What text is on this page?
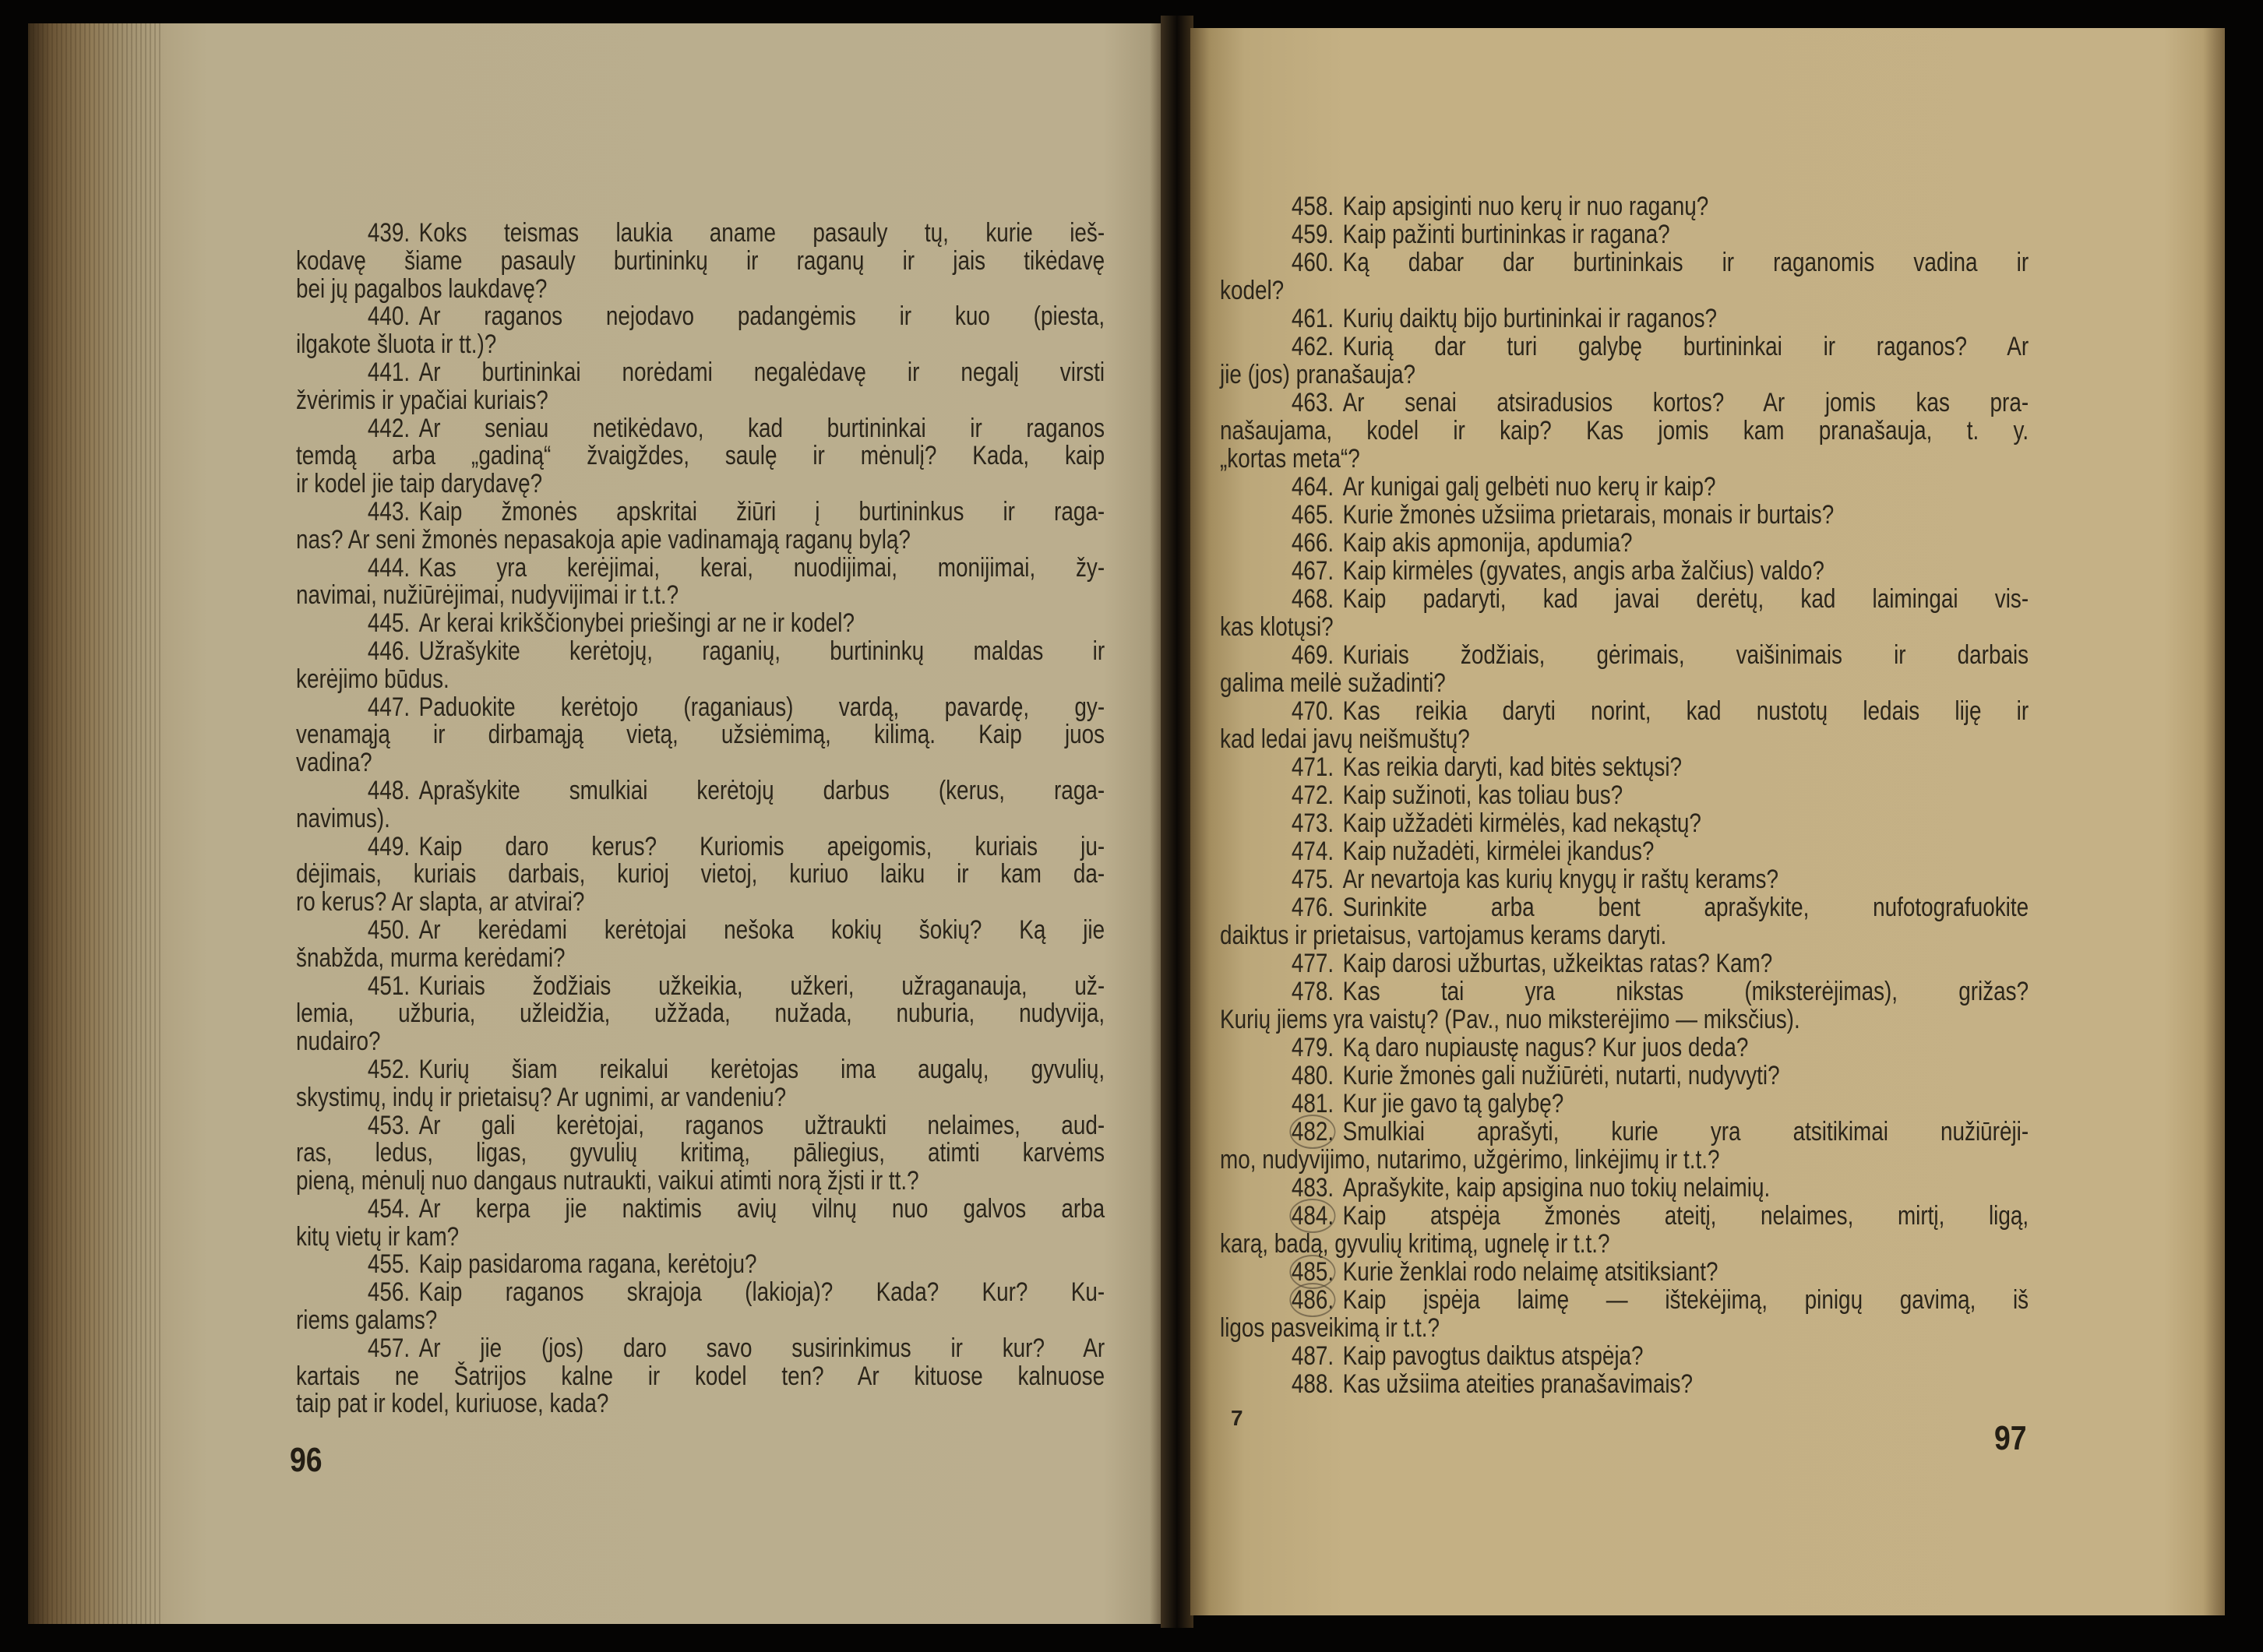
439. Koks teismas laukia aname pasauly tų, kurie ieš-
kodavę šiame pasauly burtininkų ir raganų ir jais tikėdavę
bei jų pagalbos laukdavę?
440. Ar raganos nejodavo padangėmis ir kuo (piesta,
ilgakote šluota ir tt.)?
441. Ar burtininkai norėdami negalėdavę ir negalį virsti
žvėrimis ir ypačiai kuriais?
442. Ar seniau netikėdavo, kad burtininkai ir raganos
temdą arba „gadiną“ žvaigždes, saulę ir mėnulį? Kada, kaip
ir kodel jie taip darydavę?
443. Kaip žmonės apskritai žiūri į burtininkus ir raga-
nas? Ar seni žmonės nepasakoja apie vadinamąją raganų bylą?
444. Kas yra kerėjimai, kerai, nuodijimai, monijimai, žy-
navimai, nužiūrėjimai, nudyvijimai ir t.t.?
445. Ar kerai krikščionybei priešingi ar ne ir kodel?
446. Užrašykite kerėtojų, raganių, burtininkų maldas ir
kerėjimo būdus.
447. Paduokite kerėtojo (raganiaus) vardą, pavardę, gy-
venamąją ir dirbamąją vietą, užsiėmimą, kilimą. Kaip juos
vadina?
448. Aprašykite smulkiai kerėtojų darbus (kerus, raga-
navimus).
449. Kaip daro kerus? Kuriomis apeigomis, kuriais ju-
dėjimais, kuriais darbais, kurioj vietoj, kuriuo laiku ir kam da-
ro kerus? Ar slapta, ar atvirai?
450. Ar kerėdami kerėtojai nešoka kokių šokių? Ką jie
šnabžda, murma kerėdami?
451. Kuriais žodžiais užkeikia, užkeri, užraganauja, už-
lemia, užburia, užleidžia, užžada, nužada, nuburia, nudyvija,
nudairo?
452. Kurių šiam reikalui kerėtojas ima augalų, gyvulių,
skystimų, indų ir prietaisų? Ar ugnimi, ar vandeniu?
453. Ar gali kerėtojai, raganos užtraukti nelaimes, aud-
ras, ledus, ligas, gyvulių kritimą, pāliegius, atimti karvėms
pieną, mėnulį nuo dangaus nutraukti, vaikui atimti norą žįsti ir tt.?
454. Ar kerpa jie naktimis avių vilnų nuo galvos arba
kitų vietų ir kam?
455. Kaip pasidaroma ragana, kerėtoju?
456. Kaip raganos skrajoja (lakioja)? Kada? Kur? Ku-
riems galams?
457. Ar jie (jos) daro savo susirinkimus ir kur? Ar
kartais ne Šatrijos kalne ir kodel ten? Ar kituose kalnuose
taip pat ir kodel, kuriuose, kada?
458. Kaip apsiginti nuo kerų ir nuo raganų?
459. Kaip pažinti burtininkas ir ragana?
460. Ką dabar dar burtininkais ir raganomis vadina ir
kodel?
461. Kurių daiktų bijo burtininkai ir raganos?
462. Kurią dar turi galybę burtininkai ir raganos? Ar
jie (jos) pranašauja?
463. Ar senai atsiradusios kortos? Ar jomis kas pra-
našaujama, kodel ir kaip? Kas jomis kam pranašauja, t. y.
„kortas meta“?
464. Ar kunigai galį gelbėti nuo kerų ir kaip?
465. Kurie žmonės užsiima prietarais, monais ir burtais?
466. Kaip akis apmonija, apdumia?
467. Kaip kirmėles (gyvates, angis arba žalčius) valdo?
468. Kaip padaryti, kad javai derėtų, kad laimingai vis-
kas klotųsi?
469. Kuriais žodžiais, gėrimais, vaišinimais ir darbais
galima meilė sužadinti?
470. Kas reikia daryti norint, kad nustotų ledais liję ir
kad ledai javų neišmuštų?
471. Kas reikia daryti, kad bitės sektųsi?
472. Kaip sužinoti, kas toliau bus?
473. Kaip užžadėti kirmėlės, kad nekąstų?
474. Kaip nužadėti, kirmėlei įkandus?
475. Ar nevartoja kas kurių knygų ir raštų kerams?
476. Surinkite arba bent aprašykite, nufotografuokite
daiktus ir prietaisus, vartojamus kerams daryti.
477. Kaip darosi užburtas, užkeiktas ratas? Kam?
478. Kas tai yra nikstas (miksterėjimas), grižas?
Kurių jiems yra vaistų? (Pav., nuo miksterėjimo — miksčius).
479. Ką daro nupiaustę nagus? Kur juos deda?
480. Kurie žmonės gali nužiūrėti, nutarti, nudyvyti?
481. Kur jie gavo tą galybę?
482. Smulkiai aprašyti, kurie yra atsitikimai nužiūrėji-
mo, nudyvijimo, nutarimo, užgėrimo, linkėjimų ir t.t.?
483. Aprašykite, kaip apsigina nuo tokių nelaimių.
484. Kaip atspėja žmonės ateitį, nelaimes, mirtį, ligą,
karą, badą, gyvulių kritimą, ugnelę ir t.t.?
485. Kurie ženklai rodo nelaimę atsitiksiant?
486. Kaip įspėja laimę — ištekėjimą, pinigų gavimą, iš
ligos pasveikimą ir t.t.?
487. Kaip pavogtus daiktus atspėja?
488. Kas užsiima ateities pranašavimais?
96
7
97
